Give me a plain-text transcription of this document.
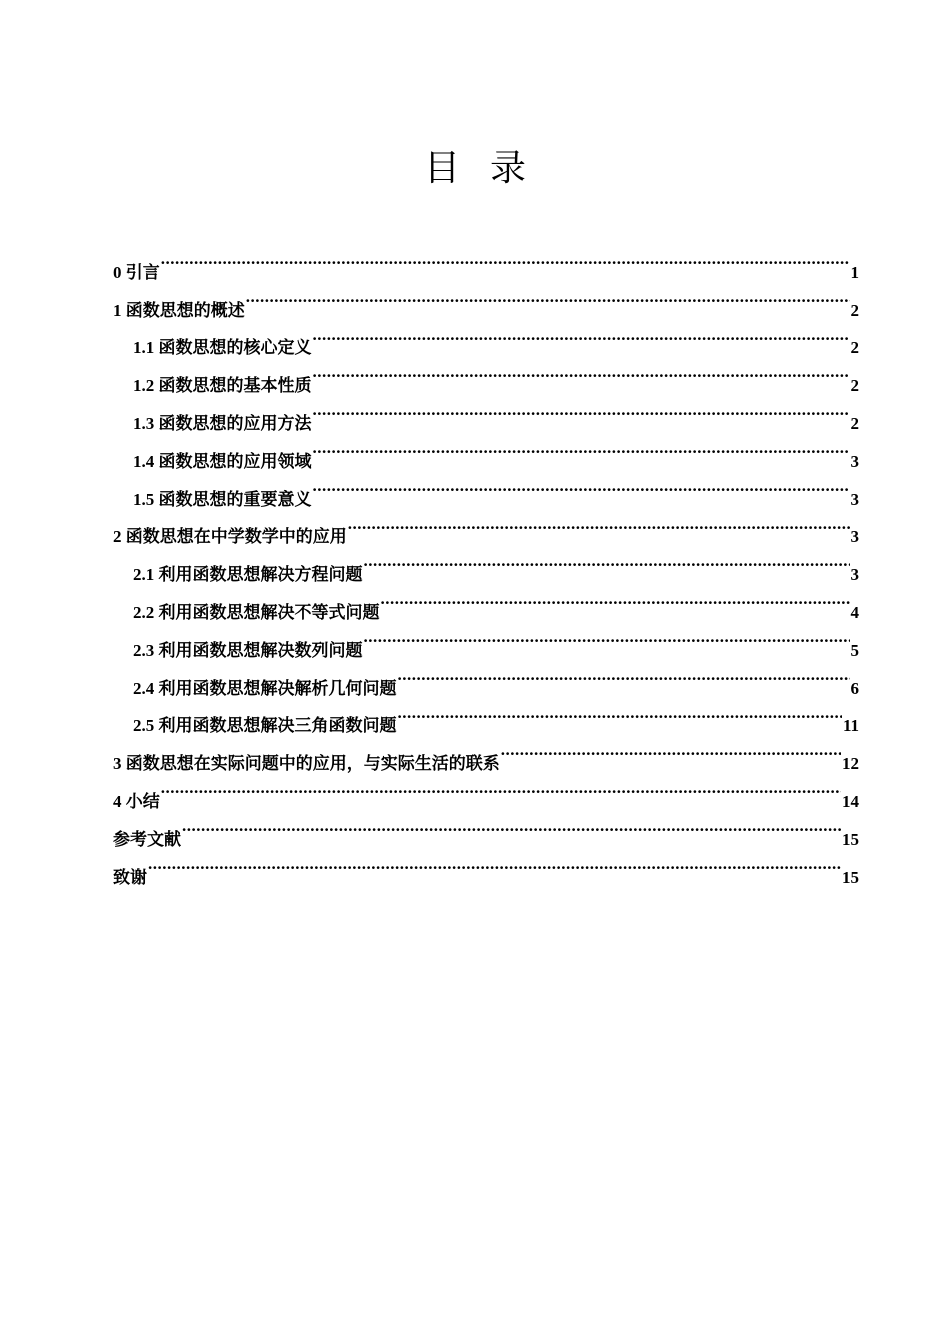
目录
0 引言 .....	1
1 函数思想的概述 .....	2
1.1 函数思想的核心定义 .....	2
1.2 函数思想的基本性质 .....	2
1.3 函数思想的应用方法 .....	2
1.4 函数思想的应用领域 .....	3
1.5 函数思想的重要意义 .....	3
2 函数思想在中学数学中的应用 .....	3
2.1 利用函数思想解决方程问题 .....	3
2.2 利用函数思想解决不等式问题 .....	4
2.3 利用函数思想解决数列问题 .....	5
2.4 利用函数思想解决解析几何问题 .....	6
2.5 利用函数思想解决三角函数问题 .....	11
3 函数思想在实际问题中的应用，与实际生活的联系 .....	12
4 小结 .....	14
参考文献 .....	15
致谢 .....	15
